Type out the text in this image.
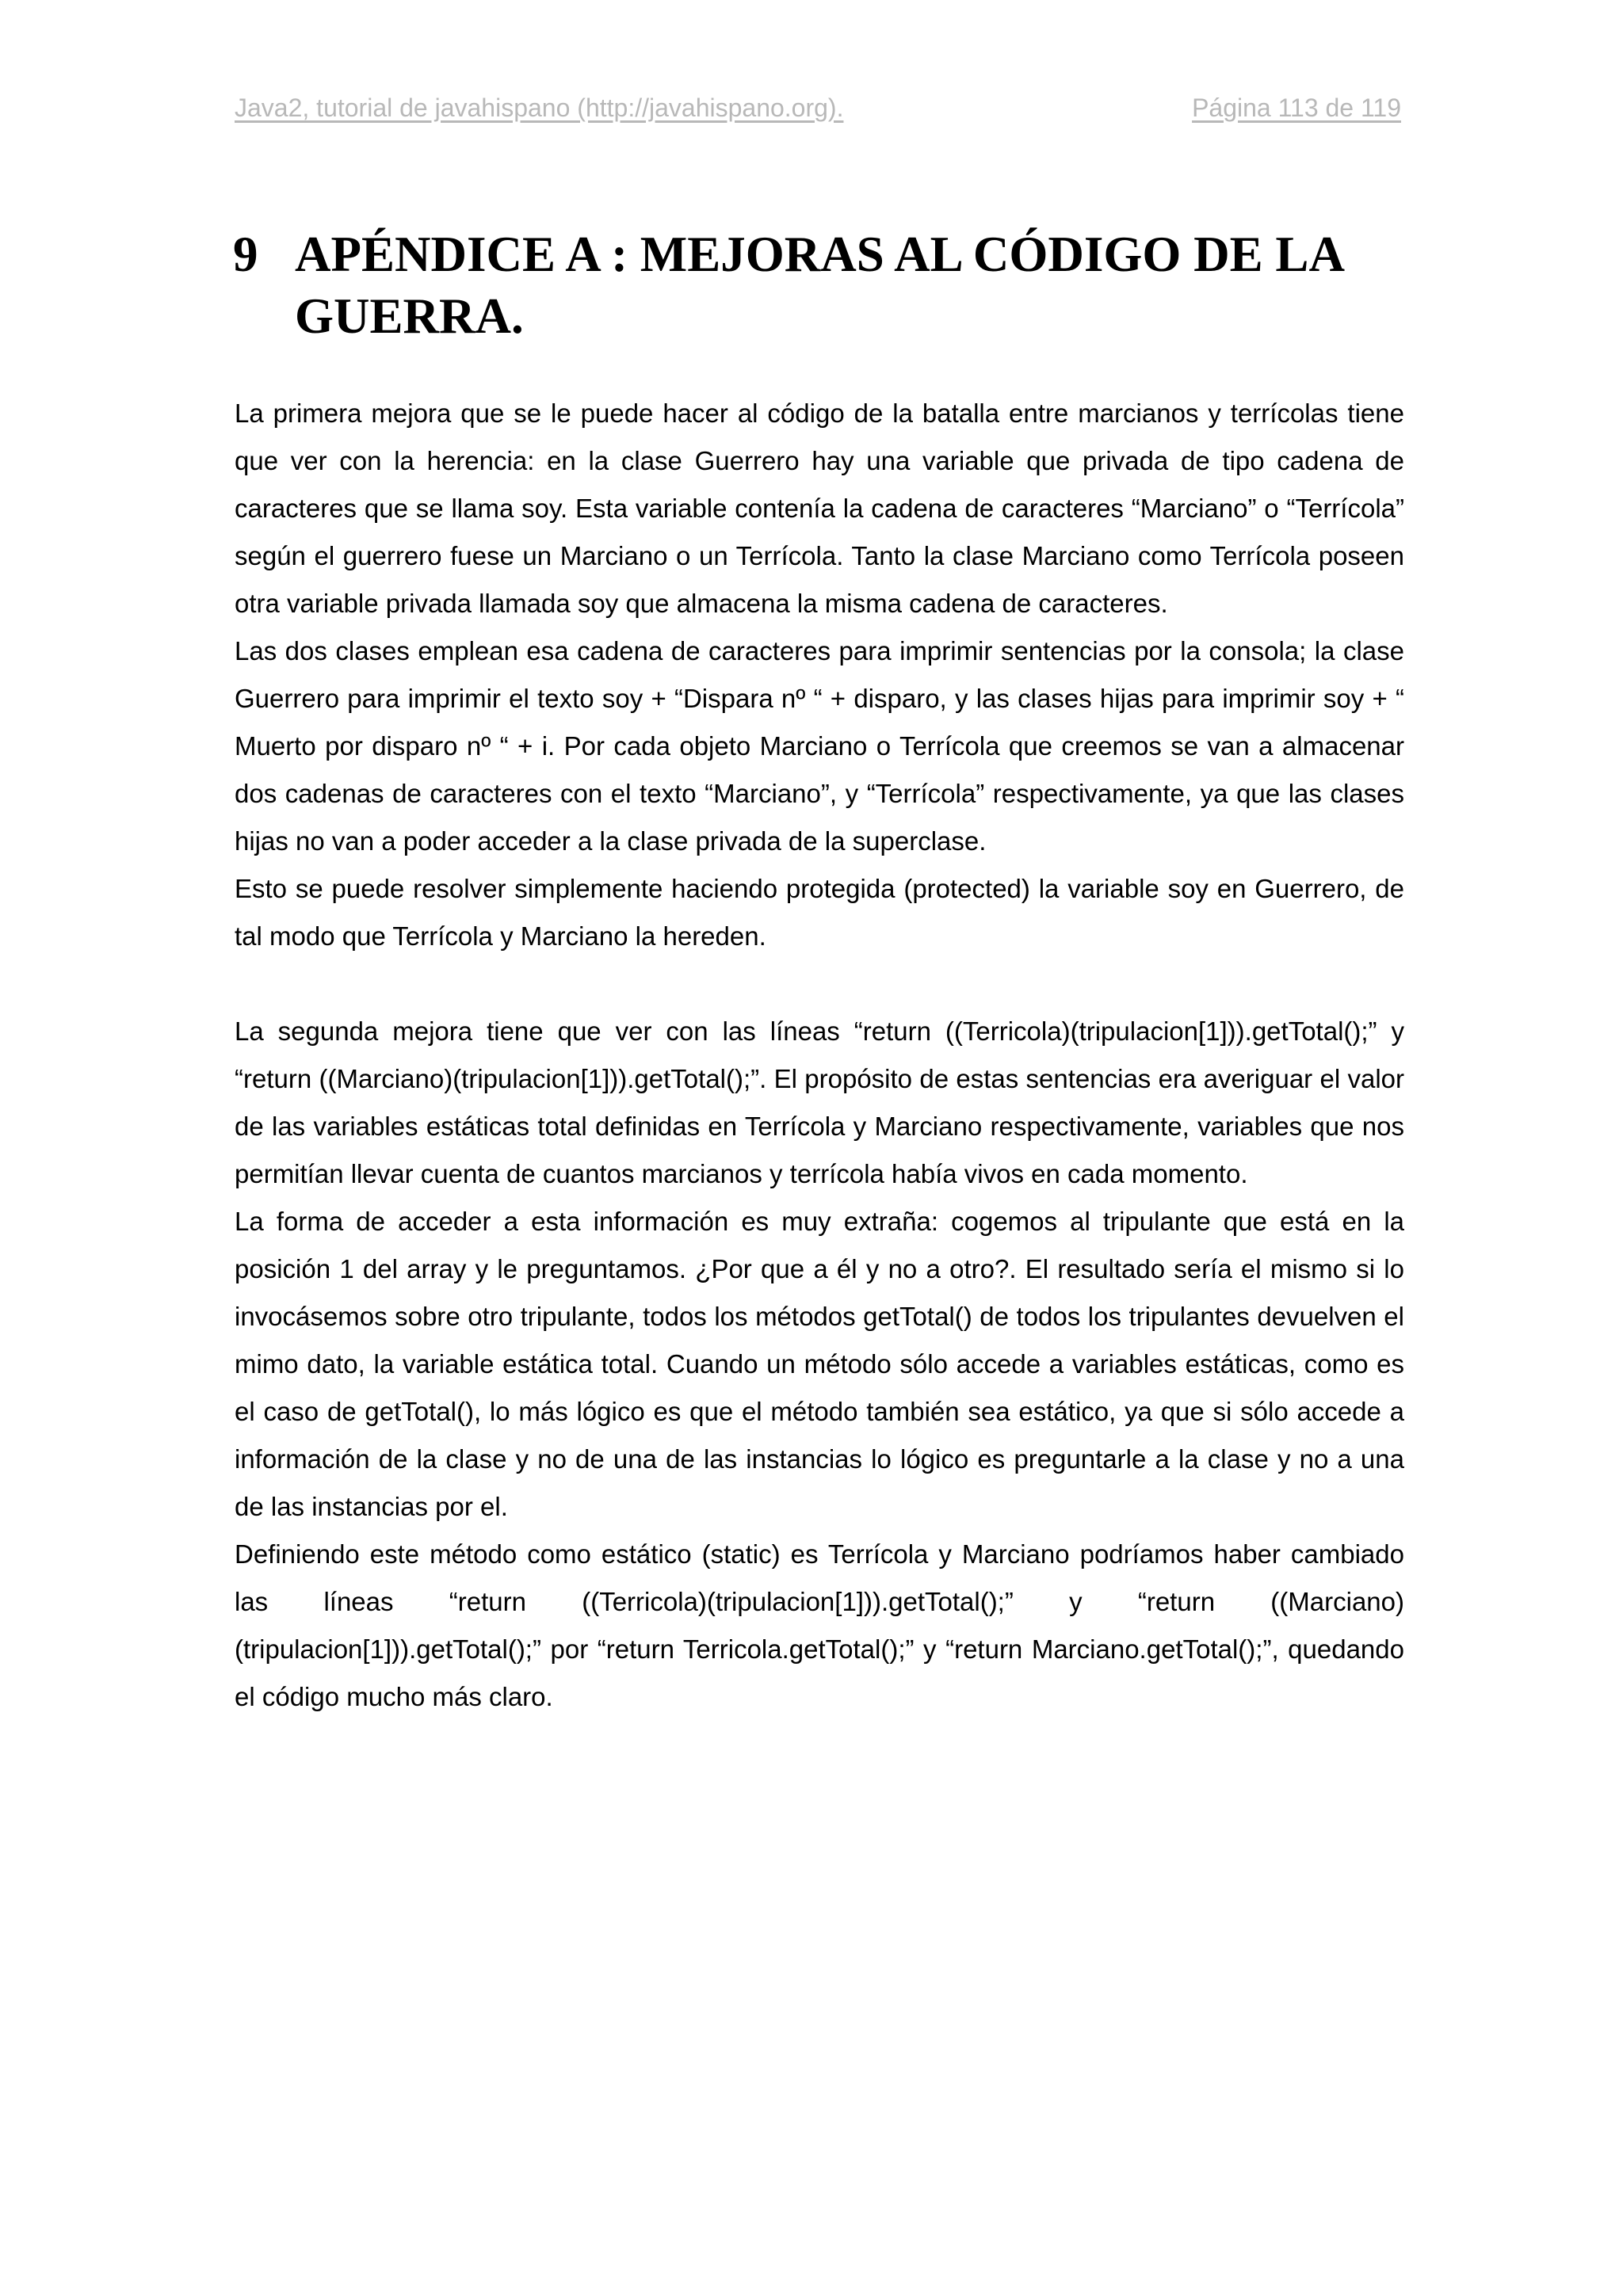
Java2, tutorial de javahispano (http://javahispano.org).	Página 113 de 119
9 APÉNDICE A : MEJORAS AL CÓDIGO DE LA GUERRA.

La primera mejora que se le puede hacer al código de la batalla entre marcianos y terrícolas tiene que ver con la herencia: en la clase Guerrero hay una variable que privada de tipo cadena de caracteres que se llama soy. Esta variable contenía la cadena de caracteres “Marciano” o “Terrícola” según el guerrero fuese un Marciano o un Terrícola. Tanto la clase Marciano como Terrícola poseen otra variable privada llamada soy que almacena la misma cadena de caracteres.

Las dos clases emplean esa cadena de caracteres para imprimir sentencias por la consola; la clase Guerrero para imprimir el texto soy + “Dispara nº “ + disparo, y las clases hijas para imprimir soy + “ Muerto por disparo nº “ + i. Por cada objeto Marciano o Terrícola que creemos se van a almacenar dos cadenas de caracteres con el texto “Marciano”, y “Terrícola” respectivamente, ya que las clases hijas no van a poder acceder a la clase privada de la superclase.

Esto se puede resolver simplemente haciendo protegida (protected) la variable soy en Guerrero, de tal modo que Terrícola y Marciano la hereden.

La segunda mejora tiene que ver con las líneas “return ((Terricola)(tripulacion[1])).getTotal();” y “return ((Marciano)(tripulacion[1])).getTotal();”. El propósito de estas sentencias era averiguar el valor de las variables estáticas total definidas en Terrícola y Marciano respectivamente, variables que nos permitían llevar cuenta de cuantos marcianos y terrícola había vivos en cada momento.

La forma de acceder a esta información es muy extraña: cogemos al tripulante que está en la posición 1 del array y le preguntamos. ¿Por que a él y no a otro?. El resultado sería el mismo si lo invocásemos sobre otro tripulante, todos los métodos getTotal() de todos los tripulantes devuelven el mimo dato, la variable estática total. Cuando un método sólo accede a variables estáticas, como es el caso de getTotal(), lo más lógico es que el método también sea estático, ya que si sólo accede a información de la clase y no de una de las instancias lo lógico es preguntarle a la clase y no a una de las instancias por el.

Definiendo este método como estático (static) es Terrícola y Marciano podríamos haber cambiado las líneas “return ((Terricola)(tripulacion[1])).getTotal();” y “return ((Marciano)(tripulacion[1])).getTotal();” por “return Terricola.getTotal();” y “return Marciano.getTotal();”, quedando el código mucho más claro.
